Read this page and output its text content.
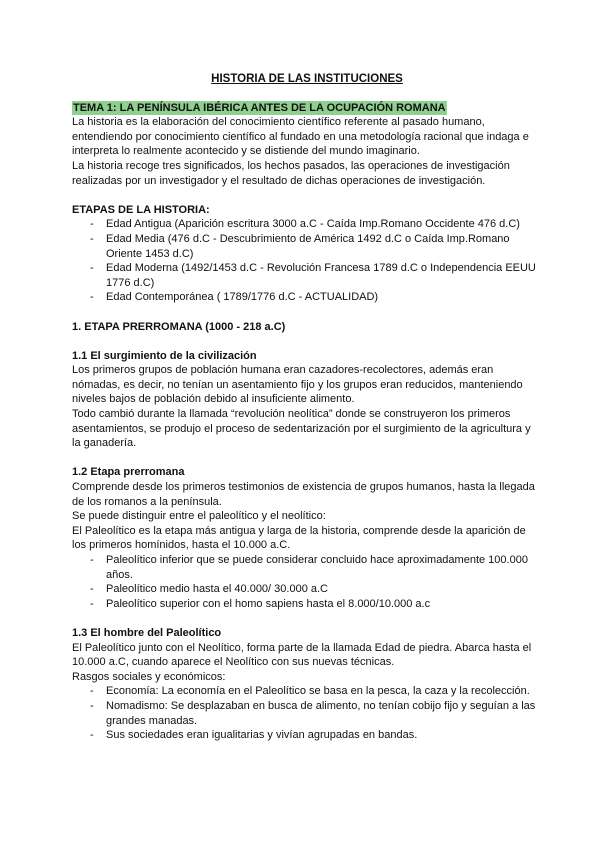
HISTORIA DE LAS INSTITUCIONES

TEMA 1: LA PENÍNSULA IBÉRICA ANTES DE LA OCUPACIÓN ROMANA

La historia es la elaboración del conocimiento científico referente al pasado humano, entendiendo por conocimiento científico al fundado en una metodología racional que indaga e interpreta lo realmente acontecido y se distiende del mundo imaginario.

La historia recoge tres significados, los hechos pasados, las operaciones de investigación realizadas por un investigador y el resultado de dichas operaciones de investigación.

ETAPAS DE LA HISTORIA:

- Edad Antigua (Aparición escritura 3000 a.C - Caída Imp.Romano Occidente 476 d.C)
- Edad Media (476 d.C - Descubrimiento de América 1492 d.C o Caída Imp.Romano Oriente 1453 d.C)
- Edad Moderna (1492/1453 d.C - Revolución Francesa 1789 d.C o Independencia EEUU 1776 d.C)
- Edad Contemporánea ( 1789/1776 d.C - ACTUALIDAD)

1. ETAPA PRERROMANA (1000 - 218 a.C)

1.1 El surgimiento de la civilización

Los primeros grupos de población humana eran cazadores-recolectores, además eran nómadas, es decir, no tenían un asentamiento fijo y los grupos eran reducidos, manteniendo niveles bajos de población debido al insuficiente alimento.

Todo cambió durante la llamada “revolución neolítica” donde se construyeron los primeros asentamientos, se produjo el proceso de sedentarización por el surgimiento de la agricultura y la ganadería.

1.2 Etapa prerromana

Comprende desde los primeros testimonios de existencia de grupos humanos, hasta la llegada de los romanos a la península.

Se puede distinguir entre el paleolítico y el neolítico:

El Paleolítico es la etapa más antigua y larga de la historia, comprende desde la aparición de los primeros homínidos, hasta el 10.000 a.C.

- Paleolítico inferior que se puede considerar concluido hace aproximadamente 100.000 años.
- Paleolítico medio hasta el 40.000/ 30.000 a.C
- Paleolítico superior con el homo sapiens hasta el 8.000/10.000 a.c

1.3 El hombre del Paleolítico

El Paleolítico junto con el Neolítico, forma parte de la llamada Edad de piedra. Abarca hasta el 10.000 a.C, cuando aparece el Neolítico con sus nuevas técnicas.

Rasgos sociales y económicos:

- Economía: La economía en el Paleolítico se basa en la pesca, la caza y la recolección.
- Nomadismo: Se desplazaban en busca de alimento, no tenían cobijo fijo y seguían a las grandes manadas.
- Sus sociedades eran igualitarias y vivían agrupadas en bandas.
